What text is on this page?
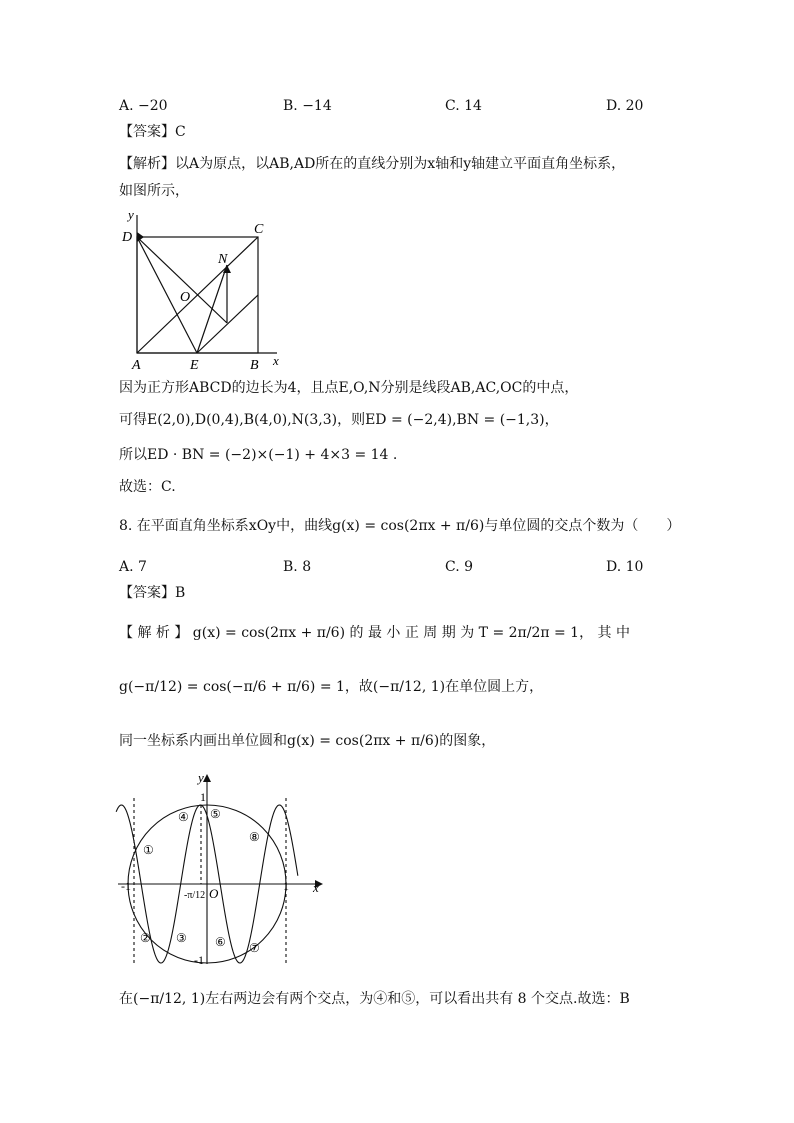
A. −20	B. −14	C. 14	D. 20
【答案】C
【解析】以A为原点，以AB,AD所在的直线分别为x轴和y轴建立平面直角坐标系，
如图所示，
y
D
C
N
O
A	E	B x
因为正方形ABCD的边长为4，且点E,O,N分别是线段AB,AC,OC的中点，
可得E(2,0),D(0,4),B(4,0),N(3,3)，则ED = (−2,4),BN = (−1,3)，
所以ED · BN = (−2)×(−1) + 4×3 = 14 .
故选：C.
8. 在平面直角坐标系xOy中，曲线g(x) = cos(2πx + π/6)与单位圆的交点个数为（　　）
A. 7	B. 8	C. 9	D. 10
【答案】B
【 解 析 】 g(x) = cos(2πx + π/6) 的 最 小 正 周 期 为 T = 2π/2π = 1， 其 中
g(−π/12) = cos(−π/6 + π/6) = 1，故(−π/12, 1)在单位圆上方，
同一坐标系内画出单位圆和g(x) = cos(2πx + π/6)的图象，
y
x
1
-1
-1	1
O
-π/12
①
② ③
④ ⑤
⑥ ⑦
⑧
在(−π/12, 1)左右两边会有两个交点，为④和⑤，可以看出共有 8 个交点.故选：B
